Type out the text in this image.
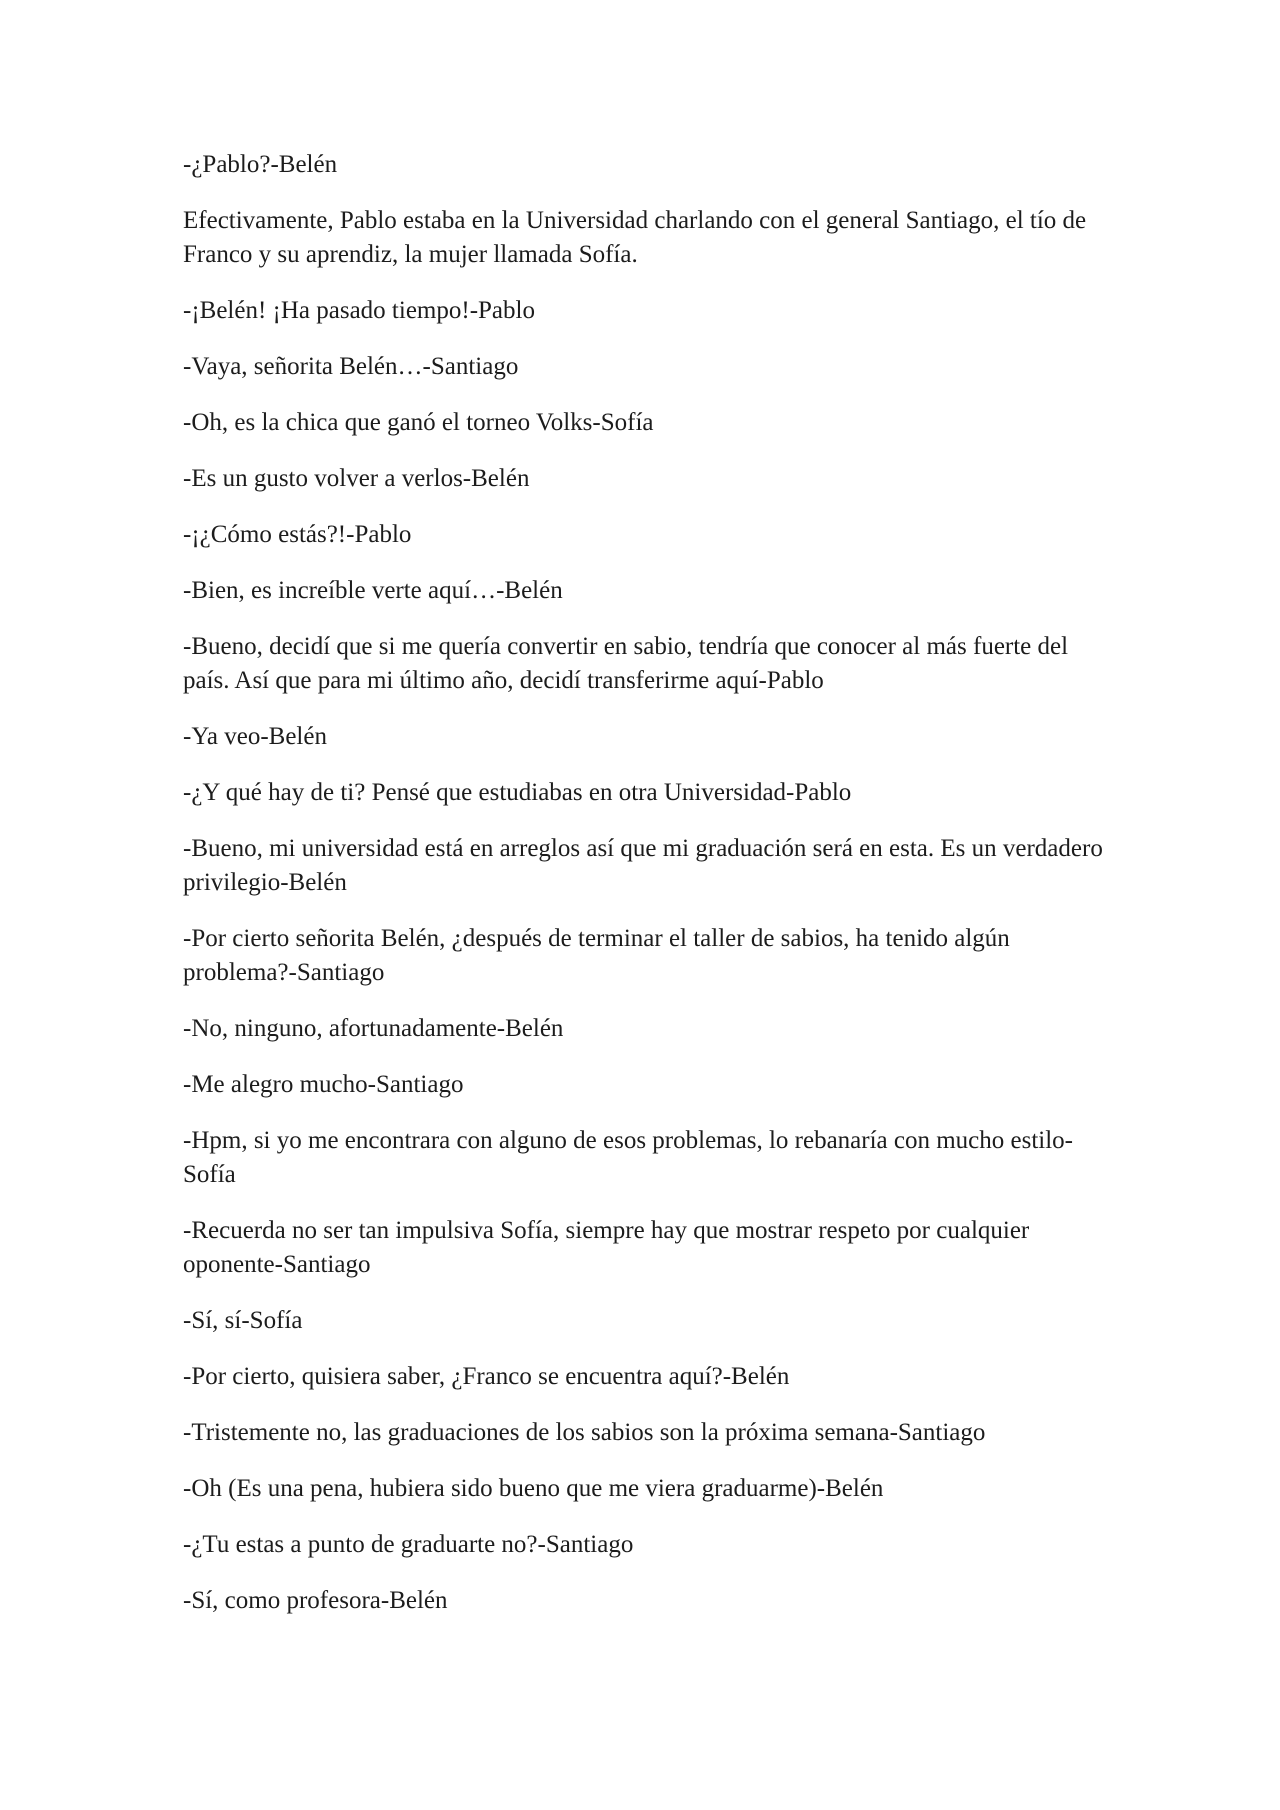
-¿Pablo?-Belén

Efectivamente, Pablo estaba en la Universidad charlando con el general Santiago, el tío de Franco y su aprendiz, la mujer llamada Sofía.

-¡Belén! ¡Ha pasado tiempo!-Pablo

-Vaya, señorita Belén…-Santiago

-Oh, es la chica que ganó el torneo Volks-Sofía

-Es un gusto volver a verlos-Belén

-¡¿Cómo estás?!-Pablo

-Bien, es increíble verte aquí…-Belén

-Bueno, decidí que si me quería convertir en sabio, tendría que conocer al más fuerte del país. Así que para mi último año, decidí transferirme aquí-Pablo

-Ya veo-Belén

-¿Y qué hay de ti? Pensé que estudiabas en otra Universidad-Pablo

-Bueno, mi universidad está en arreglos así que mi graduación será en esta. Es un verdadero privilegio-Belén

-Por cierto señorita Belén, ¿después de terminar el taller de sabios, ha tenido algún problema?-Santiago

-No, ninguno, afortunadamente-Belén

-Me alegro mucho-Santiago

-Hpm, si yo me encontrara con alguno de esos problemas, lo rebanaría con mucho estilo-Sofía

-Recuerda no ser tan impulsiva Sofía, siempre hay que mostrar respeto por cualquier oponente-Santiago

-Sí, sí-Sofía

-Por cierto, quisiera saber, ¿Franco se encuentra aquí?-Belén

-Tristemente no, las graduaciones de los sabios son la próxima semana-Santiago

-Oh (Es una pena, hubiera sido bueno que me viera graduarme)-Belén

-¿Tu estas a punto de graduarte no?-Santiago

-Sí, como profesora-Belén
